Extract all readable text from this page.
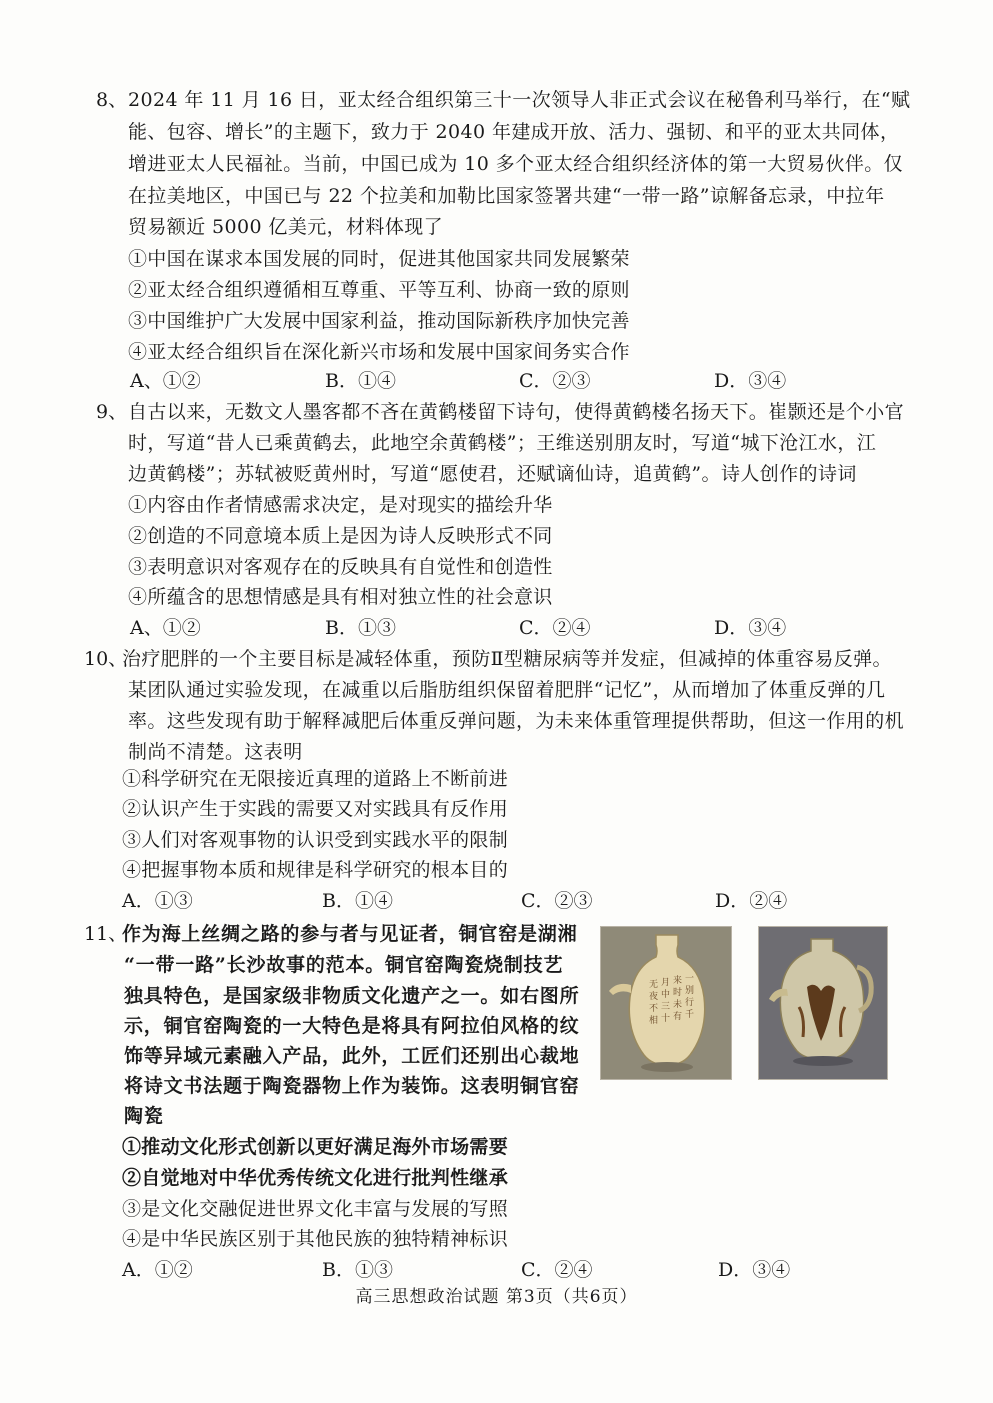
8、 2024 年 11 月 16 日，亚太经合组织第三十一次领导人非正式会议在秘鲁利马举行，在“赋
能、包容、增长”的主题下，致力于 2040 年建成开放、活力、强韧、和平的亚太共同体，
增进亚太人民福祉。当前，中国已成为 10 多个亚太经合组织经济体的第一大贸易伙伴。仅
在拉美地区，中国已与 22 个拉美和加勒比国家签署共建“一带一路”谅解备忘录，中拉年
贸易额近 5000 亿美元，材料体现了
①中国在谋求本国发展的同时，促进其他国家共同发展繁荣
②亚太经合组织遵循相互尊重、平等互利、协商一致的原则
③中国维护广大发展中国家利益，推动国际新秩序加快完善
④亚太经合组织旨在深化新兴市场和发展中国家间务实合作
A、①②	B．①④	C．②③	D．③④
9、 自古以来，无数文人墨客都不吝在黄鹤楼留下诗句，使得黄鹤楼名扬天下。崔颢还是个小官
时，写道“昔人已乘黄鹤去，此地空余黄鹤楼”；王维送别朋友时，写道“城下沧江水，江
边黄鹤楼”；苏轼被贬黄州时，写道“愿使君，还赋谪仙诗，追黄鹤”。诗人创作的诗词
①内容由作者情感需求决定，是对现实的描绘升华
②创造的不同意境本质上是因为诗人反映形式不同
③表明意识对客观存在的反映具有自觉性和创造性
④所蕴含的思想情感是具有相对独立性的社会意识
A、①②	B．①③	C．②④	D．③④
10、
治疗肥胖的一个主要目标是减轻体重，预防Ⅱ型糖尿病等并发症，但减掉的体重容易反弹。
某团队通过实验发现，在减重以后脂肪组织保留着肥胖“记忆”，从而增加了体重反弹的几
率。这些发现有助于解释减肥后体重反弹问题，为未来体重管理提供帮助，但这一作用的机
制尚不清楚。这表明
①科学研究在无限接近真理的道路上不断前进
②认识产生于实践的需要又对实践具有反作用
③人们对客观事物的认识受到实践水平的限制
④把握事物本质和规律是科学研究的根本目的
A．①③	B．①④	C．②③	D．②④
11、
作为海上丝绸之路的参与者与见证者，铜官窑是湖湘
“一带一路”长沙故事的范本。铜官窑陶瓷烧制技艺
独具特色，是国家级非物质文化遗产之一。如右图所
示，铜官窑陶瓷的一大特色是将具有阿拉伯风格的纹
饰等异域元素融入产品，此外，工匠们还别出心裁地
将诗文书法题于陶瓷器物上作为装饰。这表明铜官窑
陶瓷
①推动文化形式创新以更好满足海外市场需要
②自觉地对中华优秀传统文化进行批判性继承
③是文化交融促进世界文化丰富与发展的写照
④是中华民族区别于其他民族的独特精神标识
A．①②	B．①③	C．②④	D．③④
一
别
行
千
来
时
未
有
月
中
三
十
无
夜
不
相
高三思想政治试题 第3页（共6页）
